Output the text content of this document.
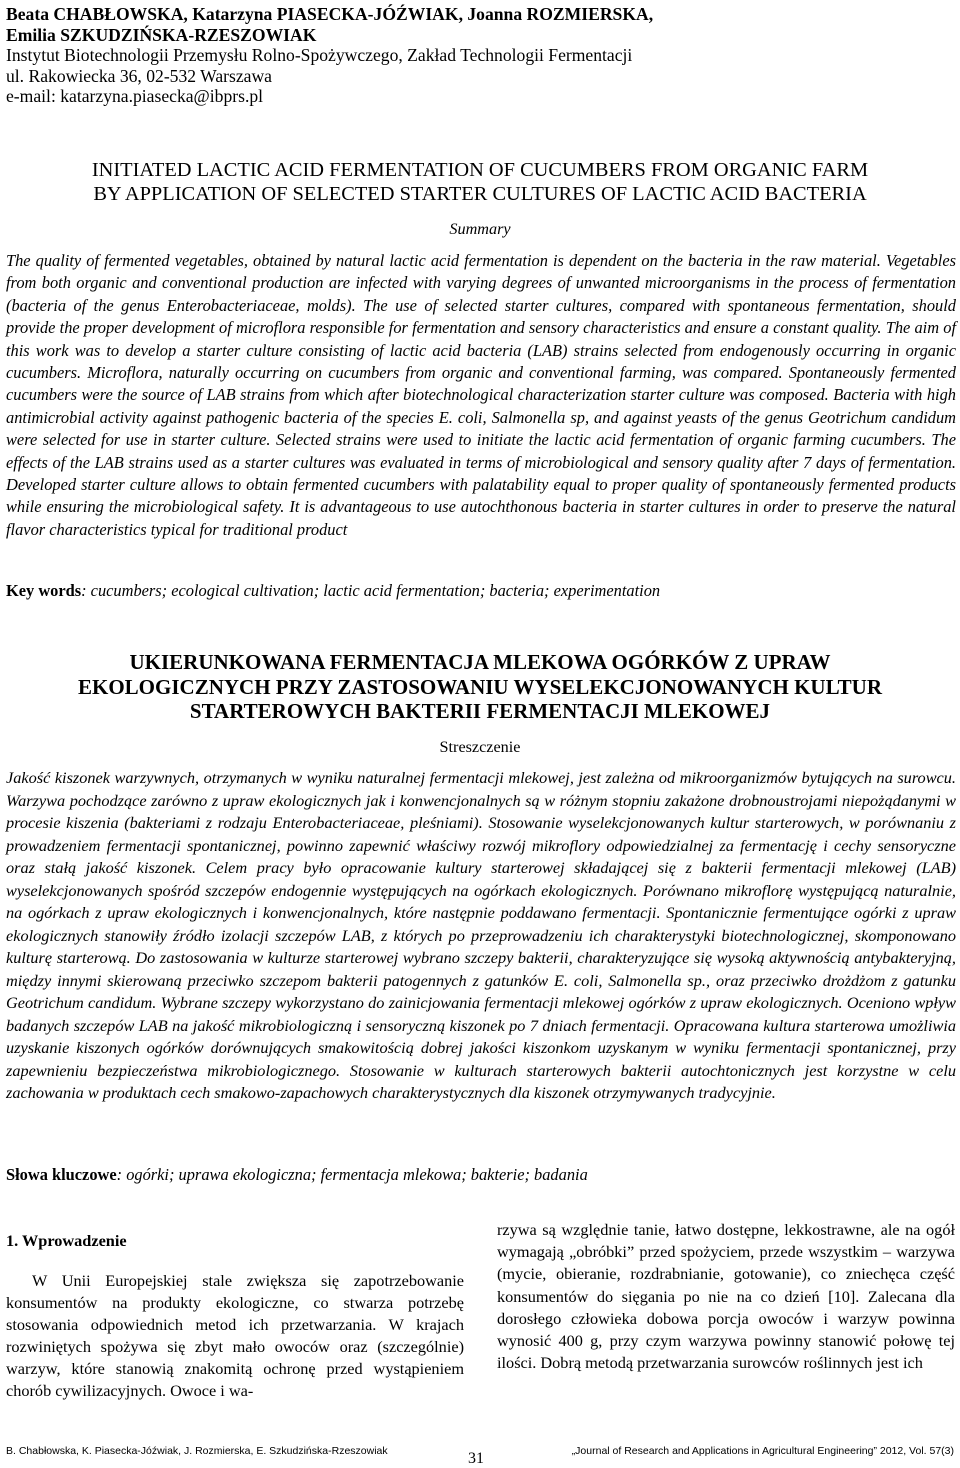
Beata CHABŁOWSKA, Katarzyna PIASECKA-JÓŹWIAK, Joanna ROZMIERSKA,
Emilia SZKUDZIŃSKA-RZESZOWIAK
Instytut Biotechnologii Przemysłu Rolno-Spożywczego, Zakład Technologii Fermentacji
ul. Rakowiecka 36, 02-532 Warszawa
e-mail: katarzyna.piasecka@ibprs.pl
INITIATED LACTIC ACID FERMENTATION OF CUCUMBERS FROM ORGANIC FARM
BY APPLICATION OF SELECTED STARTER CULTURES OF LACTIC ACID BACTERIA
Summary
The quality of fermented vegetables, obtained by natural lactic acid fermentation is dependent on the bacteria in the raw material. Vegetables from both organic and conventional production are infected with varying degrees of unwanted microorganisms in the process of fermentation (bacteria of the genus Enterobacteriaceae, molds). The use of selected starter cultures, compared with spontaneous fermentation, should provide the proper development of microflora responsible for fermentation and sensory characteristics and ensure a constant quality. The aim of this work was to develop a starter culture consisting of lactic acid bacteria (LAB) strains selected from endogenously occurring in organic cucumbers. Microflora, naturally occurring on cucumbers from organic and conventional farming, was compared. Spontaneously fermented cucumbers were the source of LAB strains from which after biotechnological characterization starter culture was composed. Bacteria with high antimicrobial activity against pathogenic bacteria of the species E. coli, Salmonella sp, and against yeasts of the genus Geotrichum candidum were selected for use in starter culture. Selected strains were used to initiate the lactic acid fermentation of organic farming cucumbers. The effects of the LAB strains used as a starter cultures was evaluated in terms of microbiological and sensory quality after 7 days of fermentation. Developed starter culture allows to obtain fermented cucumbers with palatability equal to proper quality of spontaneously fermented products while ensuring the microbiological safety. It is advantageous to use autochthonous bacteria in starter cultures in order to preserve the natural flavor characteristics typical for traditional product
Key words: cucumbers; ecological cultivation; lactic acid fermentation; bacteria; experimentation
UKIERUNKOWANA FERMENTACJA MLEKOWA OGÓRKÓW Z UPRAW
EKOLOGICZNYCH PRZY ZASTOSOWANIU WYSELEKCJONOWANYCH KULTUR
STARTEROWYCH BAKTERII FERMENTACJI MLEKOWEJ
Streszczenie
Jakość kiszonek warzywnych, otrzymanych w wyniku naturalnej fermentacji mlekowej, jest zależna od mikroorganizmów bytujących na surowcu. Warzywa pochodzące zarówno z upraw ekologicznych jak i konwencjonalnych są w różnym stopniu zakażone drobnoustrojami niepożądanymi w procesie kiszenia (bakteriami z rodzaju Enterobacteriaceae, pleśniami). Stosowanie wyselekcjonowanych kultur starterowych, w porównaniu z prowadzeniem fermentacji spontanicznej, powinno zapewnić właściwy rozwój mikroflory odpowiedzialnej za fermentację i cechy sensoryczne oraz stałą jakość kiszonek. Celem pracy było opracowanie kultury starterowej składającej się z bakterii fermentacji mlekowej (LAB) wyselekcjonowanych spośród szczepów endogennie występujących na ogórkach ekologicznych. Porównano mikroflorę występującą naturalnie, na ogórkach z upraw ekologicznych i konwencjonalnych, które następnie poddawano fermentacji. Spontanicznie fermentujące ogórki z upraw ekologicznych stanowiły źródło izolacji szczepów LAB, z których po przeprowadzeniu ich charakterystyki biotechnologicznej, skomponowano kulturę starterową. Do zastosowania w kulturze starterowej wybrano szczepy bakterii, charakteryzujące się wysoką aktywnością antybakteryjną, między innymi skierowaną przeciwko szczepom bakterii patogennych z gatunków E. coli, Salmonella sp., oraz przeciwko drożdżom z gatunku Geotrichum candidum. Wybrane szczepy wykorzystano do zainicjowania fermentacji mlekowej ogórków z upraw ekologicznych. Oceniono wpływ badanych szczepów LAB na jakość mikrobiologiczną i sensoryczną kiszonek po 7 dniach fermentacji. Opracowana kultura starterowa umożliwia uzyskanie kiszonych ogórków dorównujących smakowitością dobrej jakości kiszonkom uzyskanym w wyniku fermentacji spontanicznej, przy zapewnieniu bezpieczeństwa mikrobiologicznego. Stosowanie w kulturach starterowych bakterii autochtonicznych jest korzystne w celu zachowania w produktach cech smakowo-zapachowych charakterystycznych dla kiszonek otrzymywanych tradycyjnie.
Słowa kluczowe: ogórki; uprawa ekologiczna; fermentacja mlekowa; bakterie; badania
1. Wprowadzenie

W Unii Europejskiej stale zwiększa się zapotrzebowanie konsumentów na produkty ekologiczne, co stwarza potrzebę stosowania odpowiednich metod ich przetwarzania. W krajach rozwiniętych spożywa się zbyt mało owoców oraz (szczególnie) warzyw, które stanowią znakomitą ochronę przed wystąpieniem chorób cywilizacyjnych. Owoce i wa-

rzywa są względnie tanie, łatwo dostępne, lekkostrawne, ale na ogół wymagają „obróbki” przed spożyciem, przede wszystkim – warzywa (mycie, obieranie, rozdrabnianie, gotowanie), co zniechęca część konsumentów do sięgania po nie na co dzień [10]. Zalecana dla dorosłego człowieka dobowa porcja owoców i warzyw powinna wynosić 400 g, przy czym warzywa powinny stanowić połowę tej ilości. Dobrą metodą przetwarzania surowców roślinnych jest ich
B. Chabłowska, K. Piasecka-Jóźwiak, J. Rozmierska, E. Szkudzińska-Rzeszowiak	31	„Journal of Research and Applications in Agricultural Engineering” 2012, Vol. 57(3)
